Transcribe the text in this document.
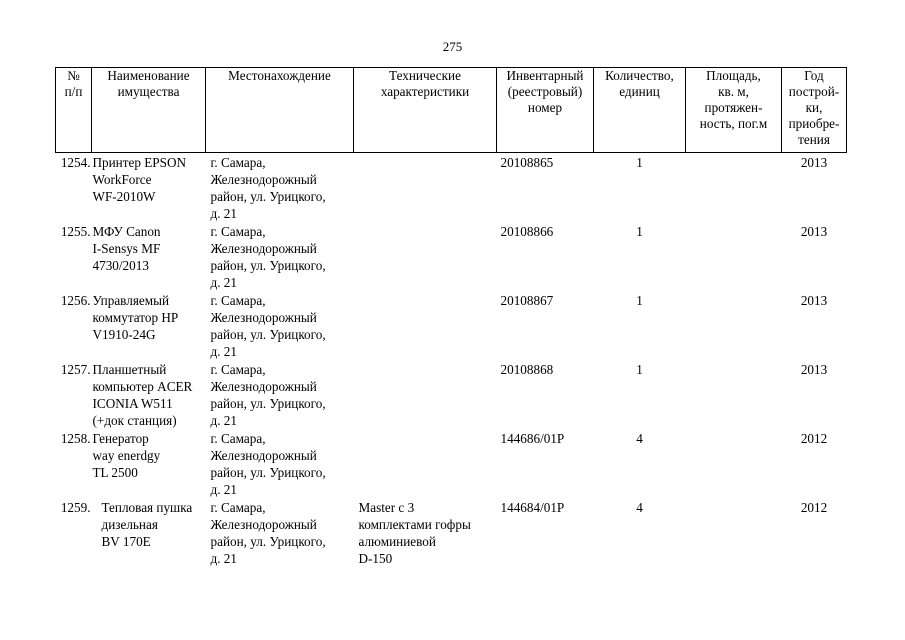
275
№
п/п	Наименование
имущества	Местонахождение	Технические
характеристики	Инвентарный
(реестровый)
номер	Количество,
единиц	Площадь,
кв. м,
протяжен-
ность, пог.м	Год
построй-
ки,
приобре-
тения
1254.	Принтер EPSON
WorkForce
WF-2010W	г. Самара,
Железнодорожный
район, ул. Урицкого,
д. 21		20108865	1		2013
1255.	МФУ Canon
I-Sensys MF
4730/2013	г. Самара,
Железнодорожный
район, ул. Урицкого,
д. 21		20108866	1		2013
1256.	Управляемый
коммутатор HP
V1910-24G	г. Самара,
Железнодорожный
район, ул. Урицкого,
д. 21		20108867	1		2013
1257.	Планшетный
компьютер ACER
ICONIA W511
(+док станция)	г. Самара,
Железнодорожный
район, ул. Урицкого,
д. 21		20108868	1		2013
1258.	Генератор
way enerdgy
TL 2500	г. Самара,
Железнодорожный
район, ул. Урицкого,
д. 21		144686/01Р	4		2012
1259.	Тепловая пушка
дизельная
BV 170E	г. Самара,
Железнодорожный
район, ул. Урицкого,
д. 21	Master с 3
комплектами гофры
алюминиевой
D-150	144684/01Р	4		2012
